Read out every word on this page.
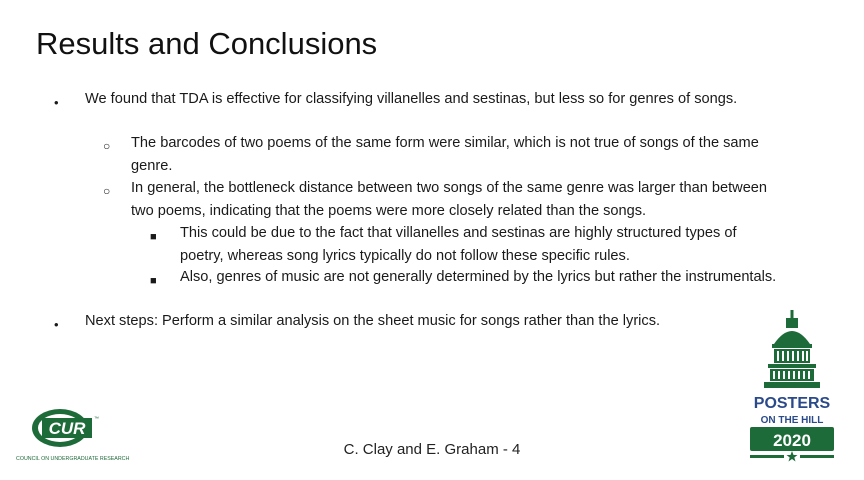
Results and Conclusions
• We found that TDA is effective for classifying villanelles and sestinas, but less so for genres of songs.
○ The barcodes of two poems of the same form were similar, which is not true of songs of the same genre.
○ In general, the bottleneck distance between two songs of the same genre was larger than between two poems, indicating that the poems were more closely related than the songs.
■ This could be due to the fact that villanelles and sestinas are highly structured types of poetry, whereas song lyrics typically do not follow these specific rules.
■ Also, genres of music are not generally determined by the lyrics but rather the instrumentals.
• Next steps: Perform a similar analysis on the sheet music for songs rather than the lyrics.
CUR ™
COUNCIL ON UNDERGRADUATE RESEARCH
C. Clay and E. Graham - 4
POSTERS
ON THE HILL
2020
